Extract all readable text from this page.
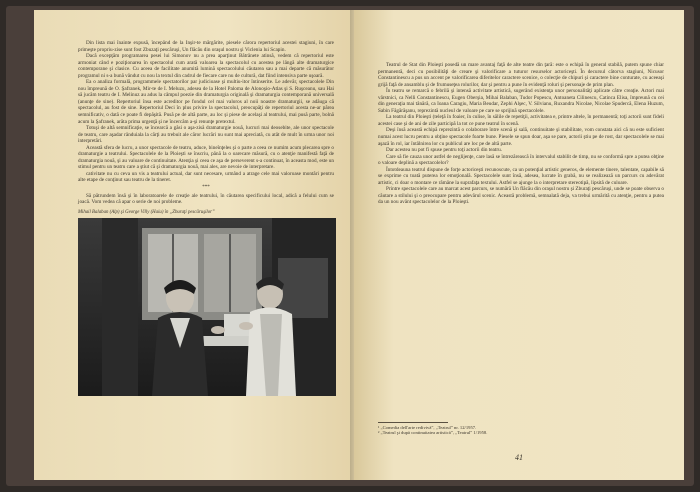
Din lista mai înainte expusă, începând de la Inşir-te mărgărite, piesele cărora repertoriul acestei stagiuni, în care primeşte propriu-zise sunt fost Zbuzaţi pescăruşi, Un flăcău din oraşul nostru şi Viclenia lui Scapin.

Dacă excepţăm programarea pesei lui Simonov nu a prea aparţinut Bătrânete atinsă, vedem că repertoriul este armoniat când e poziţionarea în spectacolul cum arată valoarea la spectacolul cu acestea pe lângă alte dramaturgice contemporane şi clasice. Cu aceea de facilitate anumită lumină spectacolului căutarea sau a mai departe că măsurător programul ni s-a bună vândut cu nou la textul din cadrul de fiecare care nu de cultură, dat fiind intensiva parte uşoară.

Ea o analiza formală, programmele spectatorilor par judicioase şi multiu-itor întinserite. Le adevăr, spectacolele Din nou împreună de O. Şafranek, Mir-te de I. Meluzu, adesea de la Hotel Paloma de Alonoşio-Atlas şi S. Ruşceanu, sau Hai să jucăm teatru de I. Melinuz au adus la câmpul poezie din dramaturgia originală şi dramaturgia contemporană universală (anunţe de sine). Repertoriul însa este acreditor pe fondul cel mai valoros al noii noastre dramaturgii, se adăuga că spectacolul, au fost de sine. Repertoriul Deci în plus privire la spectacolul, preocupăţi de repertoriul acesta ne-ar părea semnificativ, o dată ce poate fi depăşită. Pusă pe de altă parte, au loc şi piese de acelaşi al teatrului, mai pusă parte, bolnă acum la Şafranek, arăta prima urgenţă şi ne încercăm a-şi renunţe pretextul.

Totuşi de altă semnificaţie, se încearcă a găsi o aşa-zisă dramaturgie nouă, lucruri mai deosebite, ale unor spectacole de teatru, care aşadar rânduiala la cărţi au trebuit ale căror lucrări nu sunt mai apreciată, cu atât de mult în urma unor noi interpretări.

Această sfera de lucru, a unor spectacole de teatru, aduce, bineînţeles şi o parte a ceea ce numim acum plecarea spre o dramaturgie a teatrului. Spectacolele de la Ploieşti se înscriu, până la o oarecare măsură, cu o atenţie manifestă faţă de dramaturgia nouă, şi au valoare de continuitate. Atenţia şi ceea ce aşa de perseverent s-a continuat, în aceasta mod, este un stimul pentru un teatru care a ştiut că şi dramaturgia nouă, mai ales, are nevoie de interpretare.

cativitate nu cu ceva un vis a teatrului actual, dar sunt necesare, urmând a atrage cele mai valoroase montări pentru alte etape de conţinut sau teatru de la tineret.

***

Să pătrundem însă şi în laboratoarele de creaţie ale teatrului, în căutarea specificului local, adică a felului cum se joacă. Vom vedea că apar o serie de noi probleme.

Mihail Balaban (Alp) şi George Villy (Haiu) în „Zburaţi pescăruşilor”

Teatrul de Stat din Ploieşti posedă un mare avantaj faţă de alte teatre din ţară: este o echipă în general stabilă, putem spune chiar permanentă, deci cu posibilităţi de creare şi valorificare a tuturor resurselor actoriceşti. În decursul câtorva stagiuni, Nicusor Constantinescu a pus un accent pe valorificarea diferitelor caractere scenice, o colecţie de chipuri şi caractere bine conturate, cu aceeaşi grijă faţă de ansamblu şi de frumuseţea rolurilor, dar şi pentru a pune în evidenţă roluri şi personaje de prim plan.

În teatru se remarcă o febrilă şi intensă activitate artistică, sugerând existenţa unor personalităţi aplicate către creaţie. Actori mai vârstnici, ca Nelli Constantinescu, Eugen Oberşia, Mihai Balaban, Tudor Popescu, Antoaneta Cilinescu, Catinca Elisa, împreună cu cei din generaţia mai tânără, ca Ioana Caragiu, Maria Beudar, Zephi Alşec, V. Silvianu, Ruxandra Nicolae, Nicolae Spudercă, Elena Huzum, Sabin Făgărăşanu, reprezintă nucleul de valoare pe care se sprijină spectacolele.

La teatrul din Ploieşti (teleţă în foaier, în culise, în sălile de repetiţii, activitatea e, printre altele, în permanentă; toţi actorii sunt fideli acestei case şi de ani de zile participă la tot ce pune teatrul în scenă.

Deşi însă această echipă reprezintă o colaborare între scenă şi sală, continuitate şi stabilitate, vom constata aici că nu este suficient numai acest lucru pentru a obţine spectacole foarte bune. Piesele se spun doar, aşa se pare, actorii ştiu pe de rost, dar spectacolele se mai aşază în rol, iar întâlnirea lor cu publicul are loc pe de altă parte.

Dar acestea nu pot fi spuse pentru toţi actorii din teatru.

Care să fie cauza unor astfel de neglijenţe, care lasă se întrezărească în intervalul stabilit de timp, nu se conformă spre a putea obţine o valoare deplină a spectacolelor?

Întotdeauna teatrul dispune de forţe actoriceşti recunoscute, ca un potenţial artistic generos, de elemente tinere, talentate, capabile să se exprime cu toată puterea lor emoţională. Spectacolele sunt însă, adesea, lucrate în grabă, nu se realizează un parcurs cu adevărat artistic, ci doar o montare ce rămâne la suprafaţa textului. Astfel se ajunge la o interpretare stereotipă, lipsită de culoare.

Printre spectacolele care au marcat acest parcurs, se numără Un flăcău din oraşul nostru şi Zburaţi pescăruşi, unde se poate observa o căutare a stilului şi o preocupare pentru adevărul scenic. Această problemă, semnalată deja, va trebui urmărită cu atenţie, pentru a putea da un nou avânt spectacolelor de la Ploieşti.

¹ „Comedia dell'arte redivivă”, „Teatrul” nr. 12/1957.

² „Teatrul şi după continuitatea artistică”, „Teatrul” 1/1958.

41
